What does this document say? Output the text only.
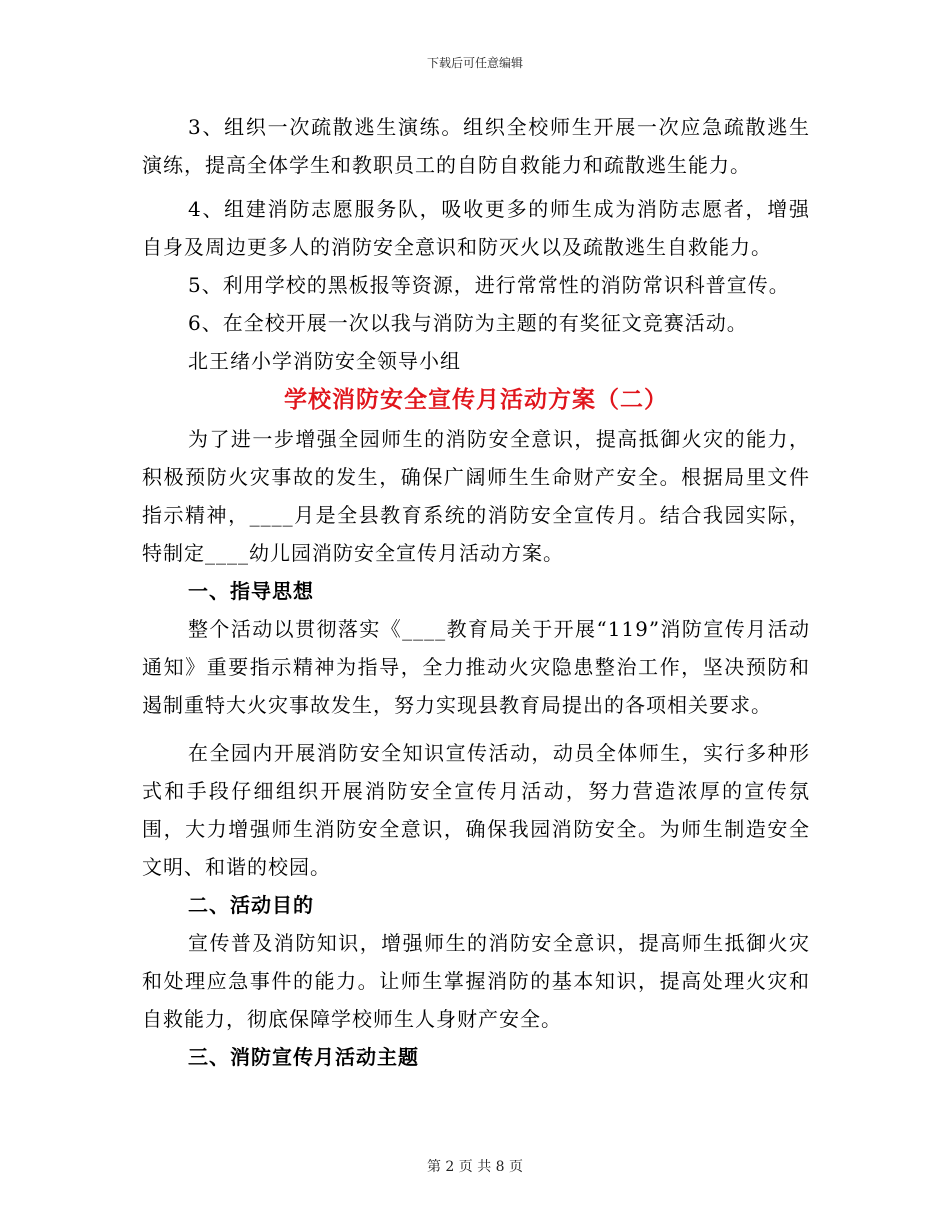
下载后可任意编辑

3、组织一次疏散逃生演练。组织全校师生开展一次应急疏散逃生演练，提高全体学生和教职员工的自防自救能力和疏散逃生能力。

4、组建消防志愿服务队，吸收更多的师生成为消防志愿者，增强自身及周边更多人的消防安全意识和防灭火以及疏散逃生自救能力。

5、利用学校的黑板报等资源，进行常常性的消防常识科普宣传。

6、在全校开展一次以我与消防为主题的有奖征文竞赛活动。

北王绪小学消防安全领导小组

学校消防安全宣传月活动方案（二）

为了进一步增强全园师生的消防安全意识，提高抵御火灾的能力，积极预防火灾事故的发生，确保广阔师生生命财产安全。根据局里文件指示精神，____月是全县教育系统的消防安全宣传月。结合我园实际，特制定____幼儿园消防安全宣传月活动方案。

一、指导思想

整个活动以贯彻落实《____教育局关于开展“119”消防宣传月活动通知》重要指示精神为指导，全力推动火灾隐患整治工作，坚决预防和遏制重特大火灾事故发生，努力实现县教育局提出的各项相关要求。

在全园内开展消防安全知识宣传活动，动员全体师生，实行多种形式和手段仔细组织开展消防安全宣传月活动，努力营造浓厚的宣传氛围，大力增强师生消防安全意识，确保我园消防安全。为师生制造安全文明、和谐的校园。

二、活动目的

宣传普及消防知识，增强师生的消防安全意识，提高师生抵御火灾和处理应急事件的能力。让师生掌握消防的基本知识，提高处理火灾和自救能力，彻底保障学校师生人身财产安全。

三、消防宣传月活动主题
第 2 页 共 8 页
